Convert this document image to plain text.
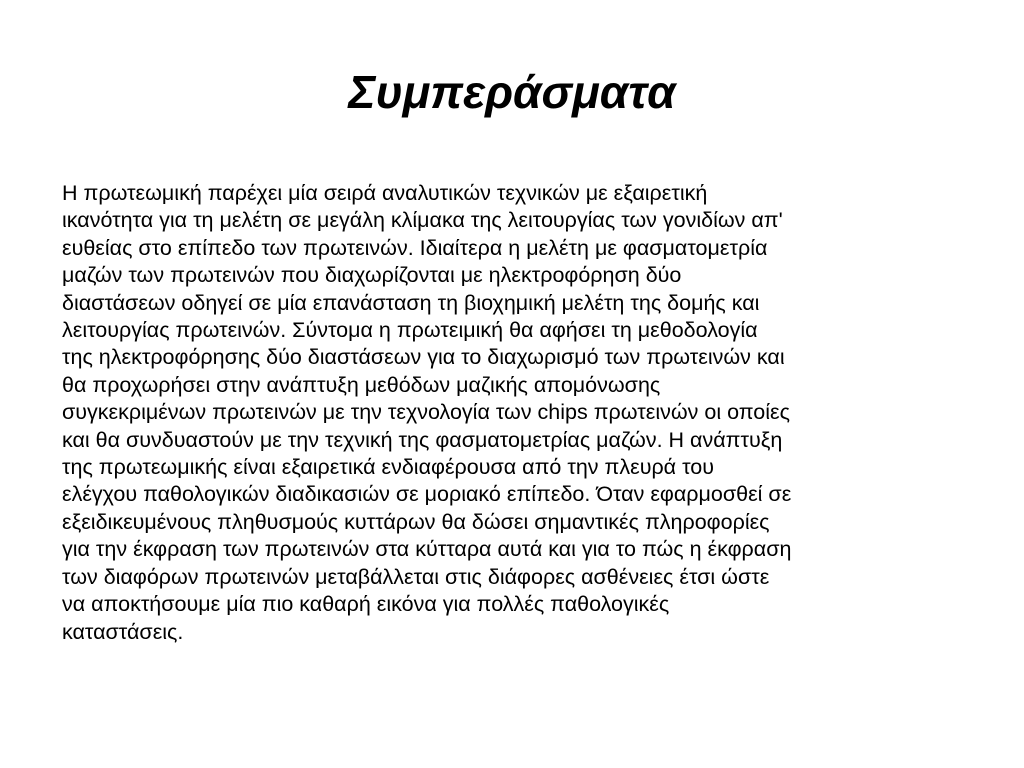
Συμπεράσματα
Η πρωτεωμική παρέχει μία σειρά αναλυτικών τεχνικών με εξαιρετική
ικανότητα για τη μελέτη σε μεγάλη κλίμακα της λειτουργίας των γονιδίων απ'
ευθείας στο επίπεδο των πρωτεινών. Ιδιαίτερα η μελέτη με φασματομετρία
μαζών των πρωτεινών που διαχωρίζονται με ηλεκτροφόρηση δύο
διαστάσεων οδηγεί σε μία επανάσταση τη βιοχημική μελέτη της δομής και
λειτουργίας πρωτεινών. Σύντομα η πρωτειμική θα αφήσει τη μεθοδολογία
της ηλεκτροφόρησης δύο διαστάσεων για το διαχωρισμό των πρωτεινών και
θα προχωρήσει στην ανάπτυξη μεθόδων μαζικής απομόνωσης
συγκεκριμένων πρωτεινών με την τεχνολογία των chips πρωτεινών οι οποίες
και θα συνδυαστούν με την τεχνική της φασματομετρίας μαζών. Η ανάπτυξη
της πρωτεωμικής είναι εξαιρετικά ενδιαφέρουσα από την πλευρά του
ελέγχου παθολογικών διαδικασιών σε μοριακό επίπεδο. Όταν εφαρμοσθεί σε
εξειδικευμένους πληθυσμούς κυττάρων θα δώσει σημαντικές πληροφορίες
για την έκφραση των πρωτεινών στα κύτταρα αυτά και για το πώς η έκφραση
των διαφόρων πρωτεινών μεταβάλλεται στις διάφορες ασθένειες έτσι ώστε
να αποκτήσουμε μία πιο καθαρή εικόνα για πολλές παθολογικές
καταστάσεις.
